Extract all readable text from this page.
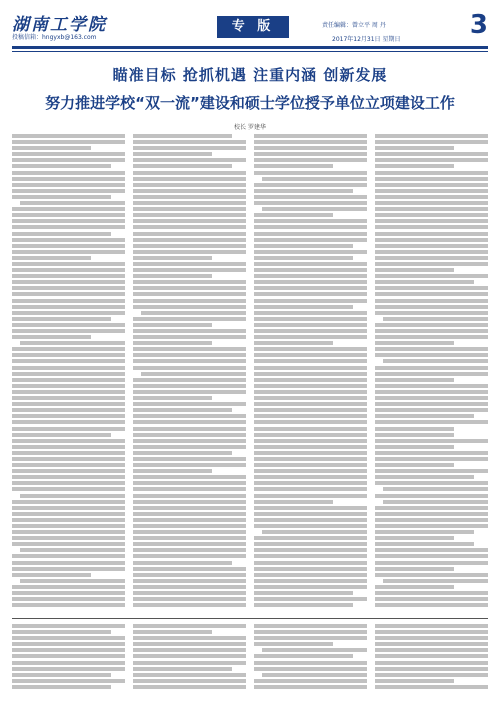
湖南工学院
投稿信箱：hngyxb@163.com
专 版	责任编辑：曾立平 周 丹
2017年12月31日 星期日	3
瞄准目标 抢抓机遇 注重内涵 创新发展
努力推进学校“双一流”建设和硕士学位授予单位立项建设工作
校长 罗建华
